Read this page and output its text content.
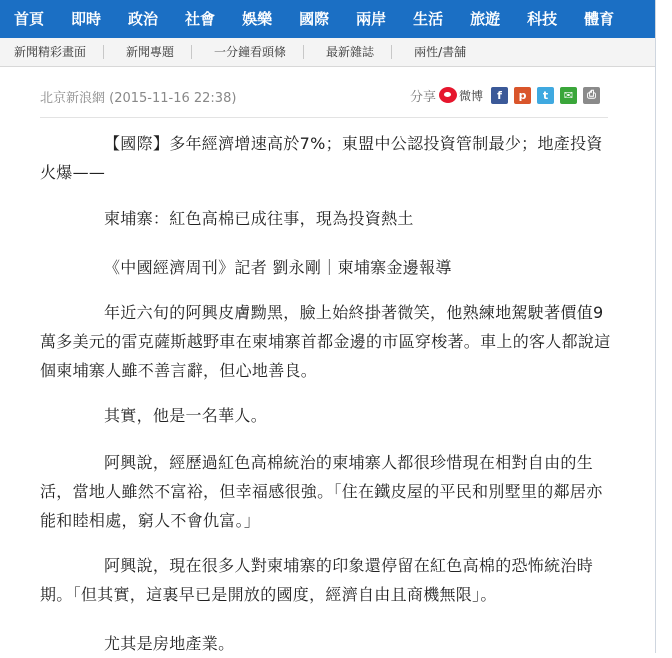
首頁	即時	政治	社會	娛樂	國際	兩岸	生活	旅遊	科技	體育
新聞精彩畫面	新聞專題	一分鐘看頭條	最新雜誌	兩性/書舖
北京新浪網 (2015-11-16 22:38)	分享 微博	f	p	t	✉	⎙

【國際】多年經濟增速高於7%；東盟中公認投資管制最少；地產投資火爆——

柬埔寨：紅色高棉已成往事，現為投資熱土

《中國經濟周刊》記者 劉永剛｜柬埔寨金邊報導

年近六旬的阿興皮膚黝黑，臉上始終掛著微笑，他熟練地駕駛著價值9萬多美元的雷克薩斯越野車在柬埔寨首都金邊的市區穿梭著。車上的客人都說這個柬埔寨人雖不善言辭，但心地善良。

其實，他是一名華人。

阿興說，經歷過紅色高棉統治的柬埔寨人都很珍惜現在相對自由的生活，當地人雖然不富裕，但幸福感很強。「住在鐵皮屋的平民和別墅里的鄰居亦能和睦相處，窮人不會仇富。」

阿興說，現在很多人對柬埔寨的印象還停留在紅色高棉的恐怖統治時期。「但其實，這裏早已是開放的國度，經濟自由且商機無限」。

尤其是房地產業。
